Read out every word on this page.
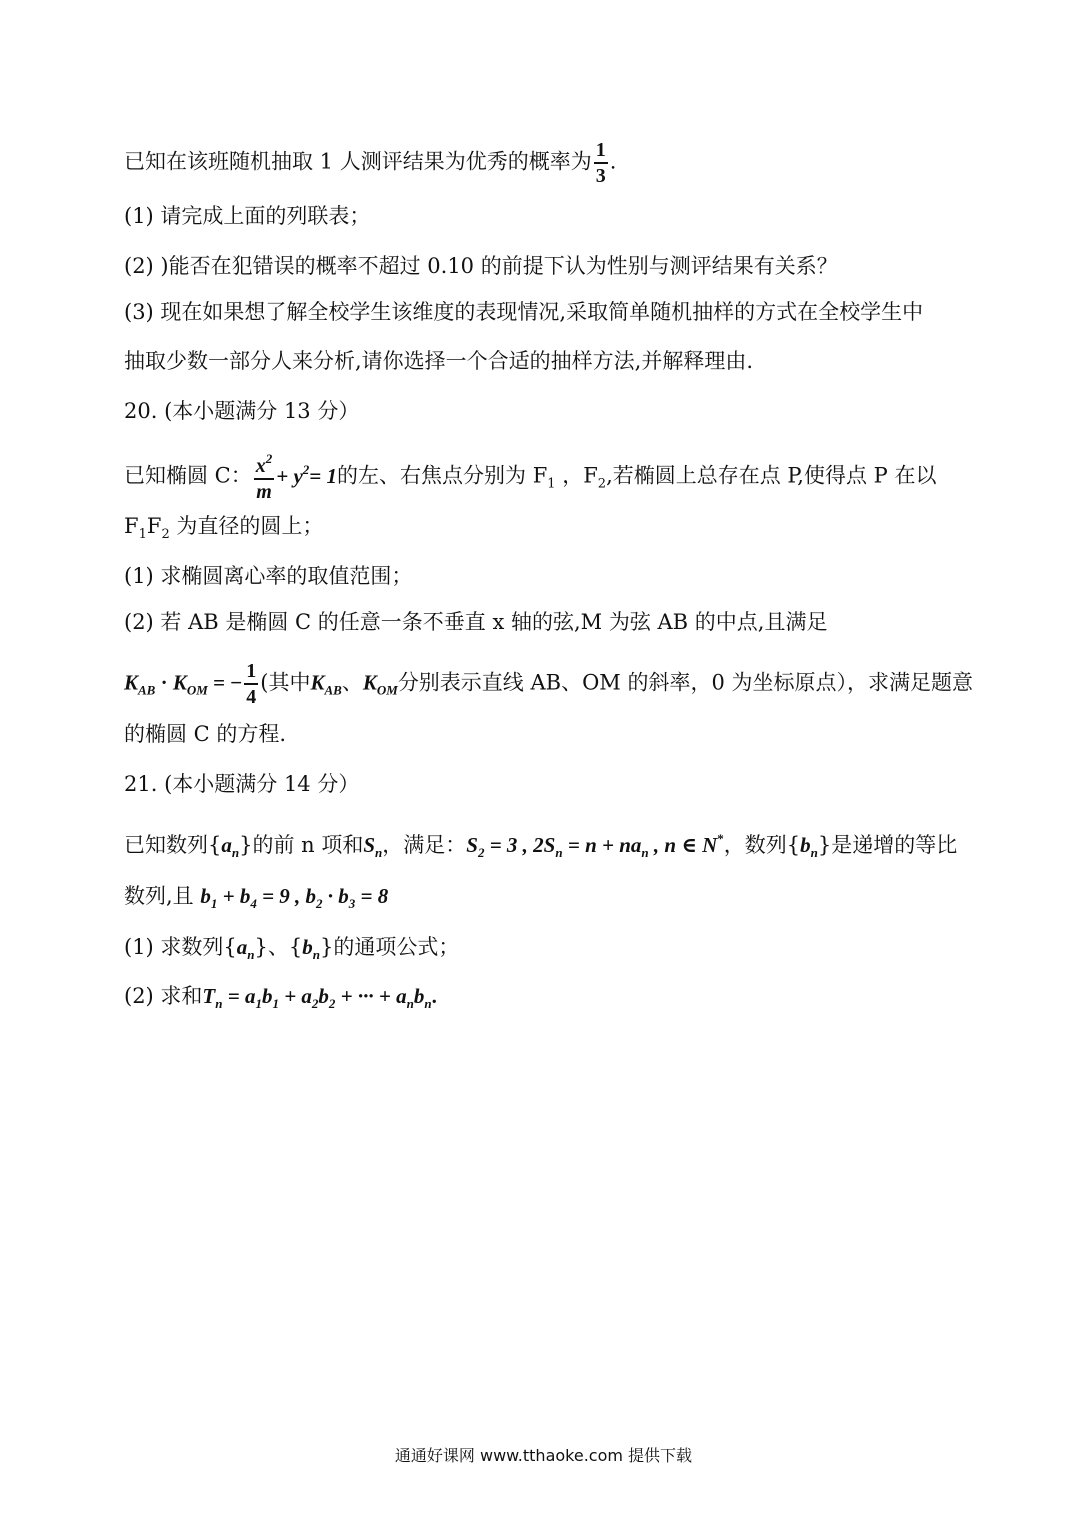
已知在该班随机抽取 1 人测评结果为优秀的概率为 $\frac{1}{3}$ .
(1) 请完成上面的列联表；
(2) )能否在犯错误的概率不超过 0.10 的前提下认为性别与测评结果有关系？
(3) 现在如果想了解全校学生该维度的表现情况,采取简单随机抽样的方式在全校学生中
抽取少数一部分人来分析,请你选择一个合适的抽样方法,并解释理由.
20. (本小题满分 13 分）
已知椭圆 C： $\frac{x^2}{m} + y^2= 1$的左、右焦点分别为 $F_1$ ，$F_2$,若椭圆上总存在点 P,使得点 P 在以
$F_1F_2$ 为直径的圆上；
(1) 求椭圆离心率的取值范围；
(2) 若 AB 是椭圆 C 的任意一条不垂直 x 轴的弦,M 为弦 AB 的中点,且满足
$K_{AB} \cdot K_{OM}$ = − $\frac{1}{4}$ (其中$K_{AB}$、$K_{OM}$分别表示直线 AB、OM 的斜率，0 为坐标原点），求满足题意
的椭圆 C 的方程.
21. (本小题满分 14 分）
已知数列$\{a_n\}$的前 n 项和$S_n$，满足：$S_2 = 3$ , $2S_n = n + na_n$ , n ∈ N*，数列$\{b_n\}$是递增的等比
数列,且 $b_1 + b_4 = 9$ , $b_2 \cdot b_3 = 8$
(1) 求数列$\{a_n\}$、$\{b_n\}$的通项公式；
(2) 求和$T_n = a_1b_1 + a_2b_2$ + ··· + $a_nb_n$.
通通好课网 www.tthaoke.com 提供下载
